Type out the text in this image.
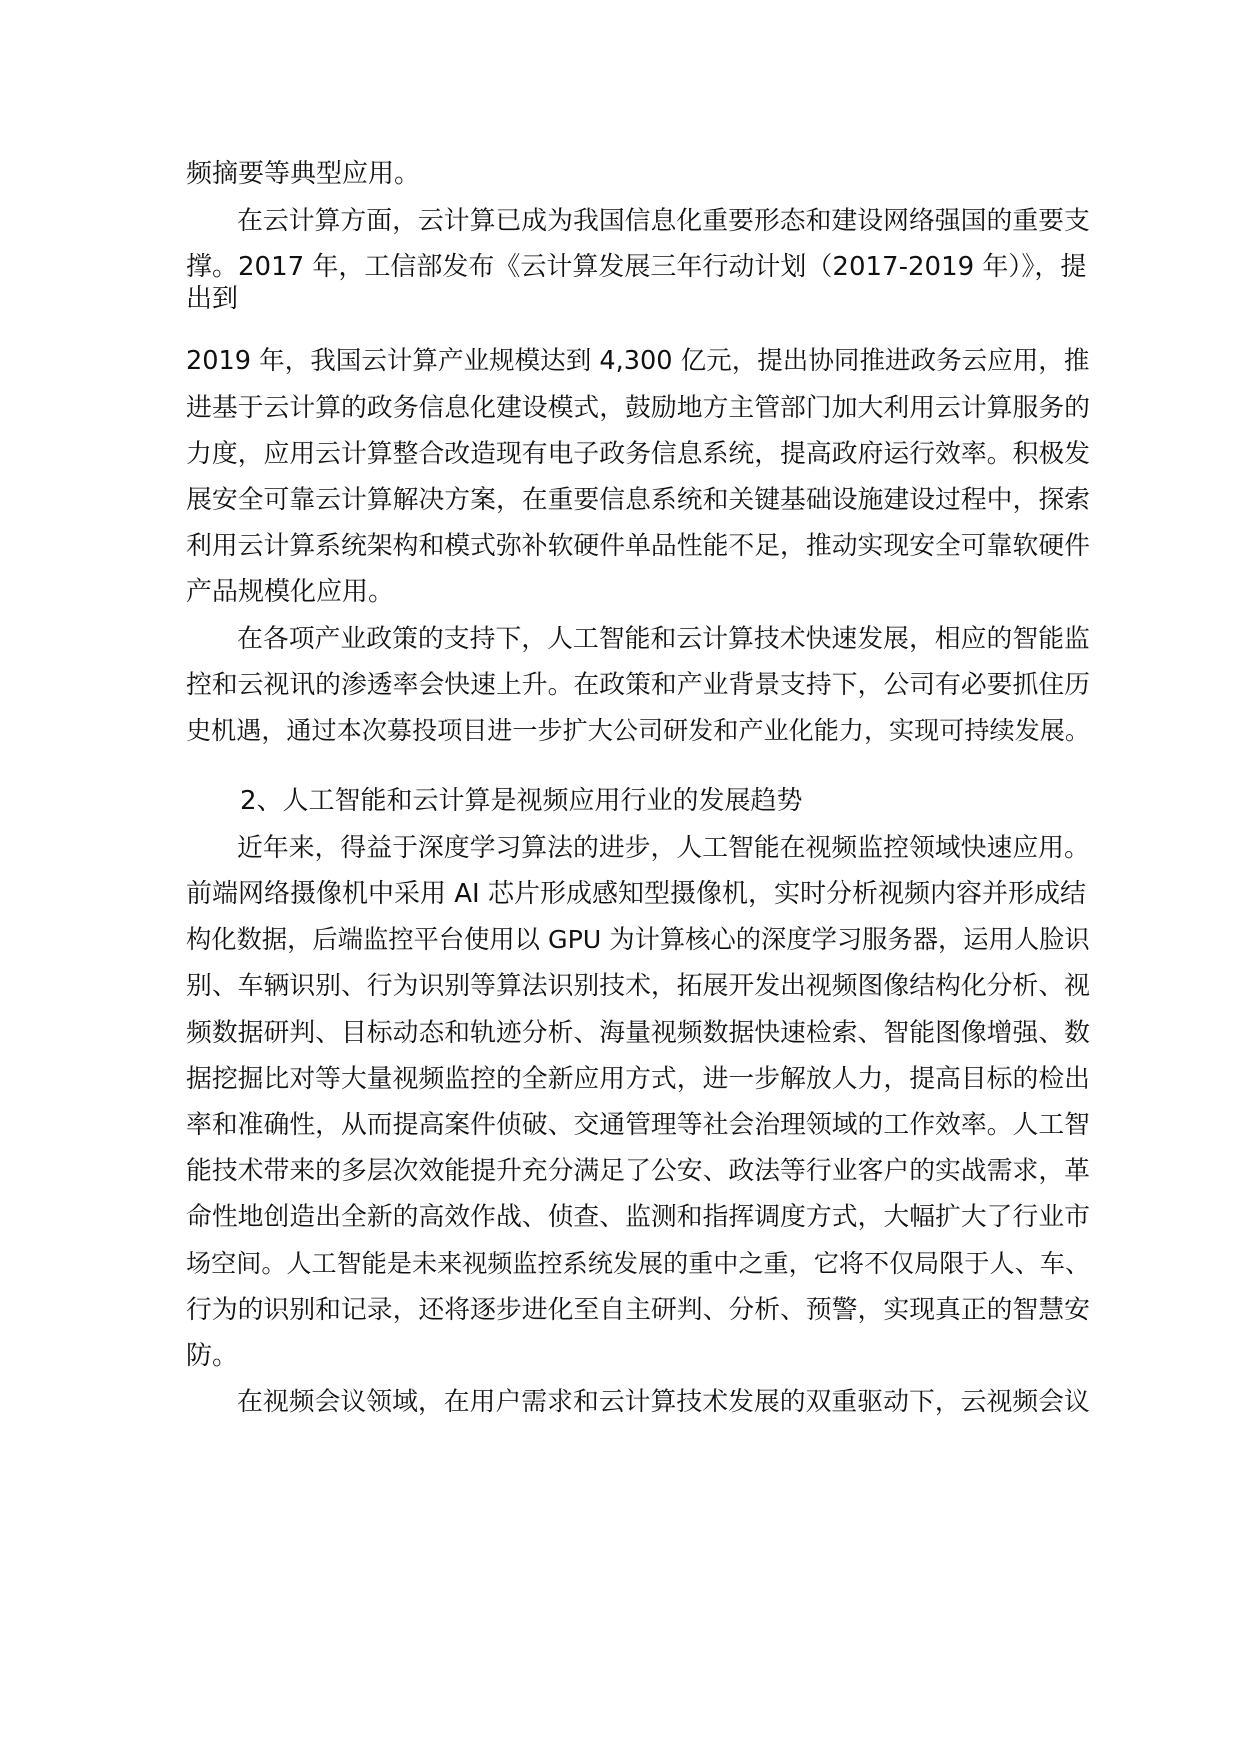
频摘要等典型应用。
在云计算方面，云计算已成为我国信息化重要形态和建设网络强国的重要支
撑。2017 年，工信部发布《云计算发展三年行动计划（2017-2019 年）》，提
出到
2019 年，我国云计算产业规模达到 4,300 亿元，提出协同推进政务云应用，推
进基于云计算的政务信息化建设模式，鼓励地方主管部门加大利用云计算服务的
力度，应用云计算整合改造现有电子政务信息系统，提高政府运行效率。积极发
展安全可靠云计算解决方案，在重要信息系统和关键基础设施建设过程中，探索
利用云计算系统架构和模式弥补软硬件单品性能不足，推动实现安全可靠软硬件
产品规模化应用。
在各项产业政策的支持下，人工智能和云计算技术快速发展，相应的智能监
控和云视讯的渗透率会快速上升。在政策和产业背景支持下，公司有必要抓住历
史机遇，通过本次募投项目进一步扩大公司研发和产业化能力，实现可持续发展。
2、人工智能和云计算是视频应用行业的发展趋势
近年来，得益于深度学习算法的进步，人工智能在视频监控领域快速应用。
前端网络摄像机中采用 AI 芯片形成感知型摄像机，实时分析视频内容并形成结
构化数据，后端监控平台使用以 GPU 为计算核心的深度学习服务器，运用人脸识
别、车辆识别、行为识别等算法识别技术，拓展开发出视频图像结构化分析、视
频数据研判、目标动态和轨迹分析、海量视频数据快速检索、智能图像增强、数
据挖掘比对等大量视频监控的全新应用方式，进一步解放人力，提高目标的检出
率和准确性，从而提高案件侦破、交通管理等社会治理领域的工作效率。人工智
能技术带来的多层次效能提升充分满足了公安、政法等行业客户的实战需求，革
命性地创造出全新的高效作战、侦查、监测和指挥调度方式，大幅扩大了行业市
场空间。人工智能是未来视频监控系统发展的重中之重，它将不仅局限于人、车、
行为的识别和记录，还将逐步进化至自主研判、分析、预警，实现真正的智慧安
防。
在视频会议领域，在用户需求和云计算技术发展的双重驱动下，云视频会议
